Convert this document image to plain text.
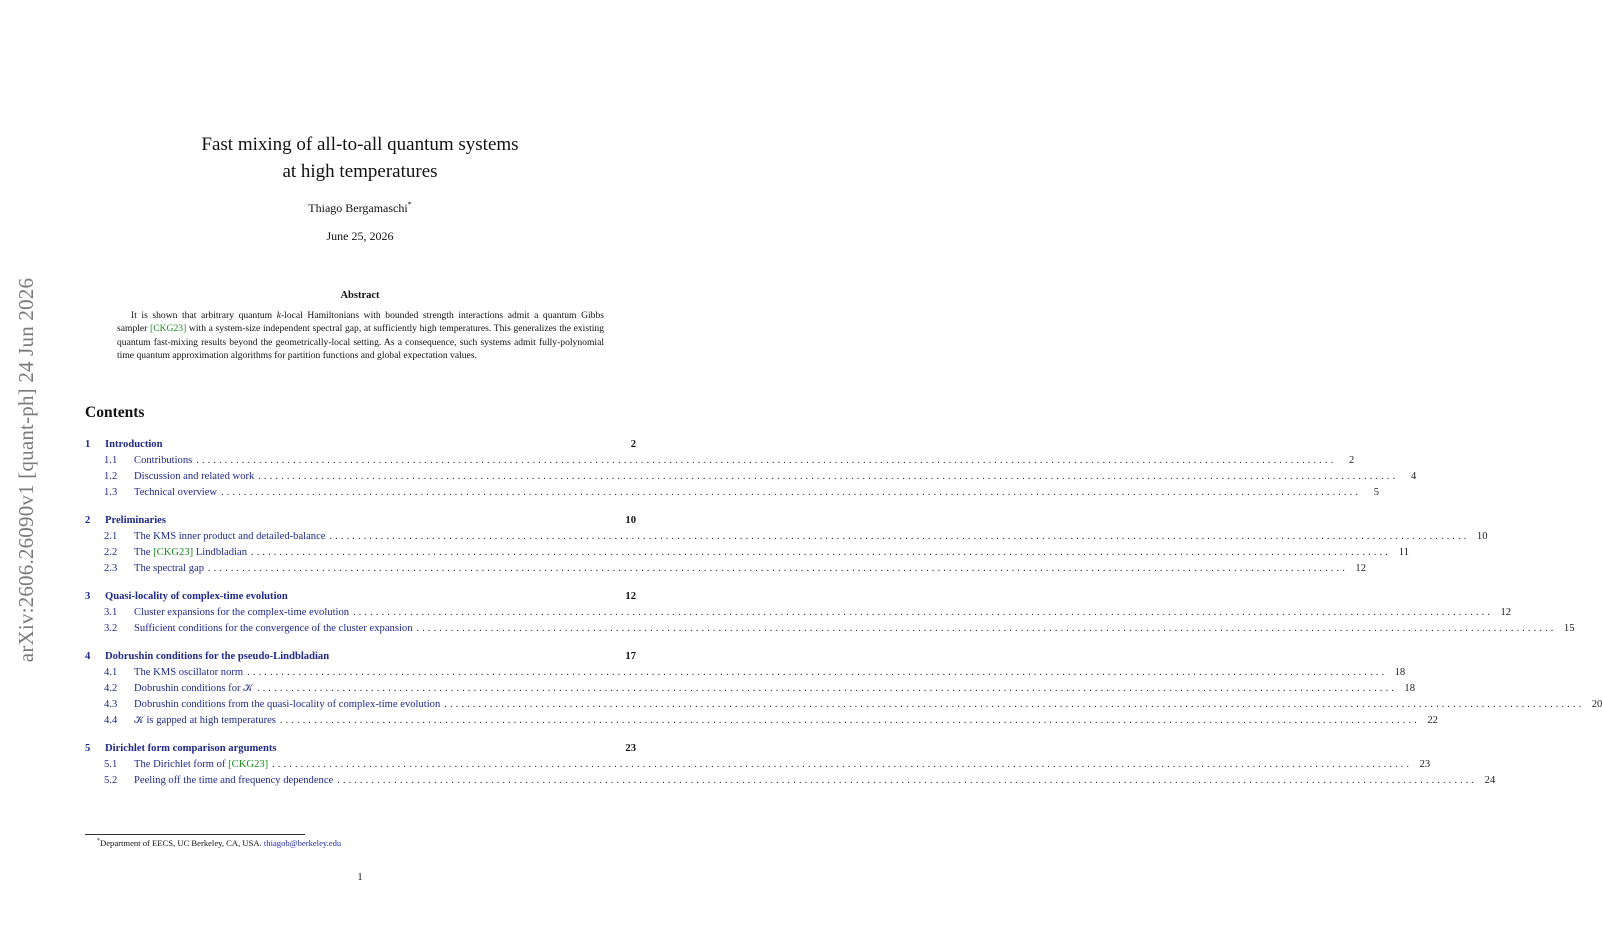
arXiv:2606.26090v1 [quant-ph] 24 Jun 2026
Fast mixing of all-to-all quantum systems
at high temperatures
Thiago Bergamaschi*
June 25, 2026
Abstract
It is shown that arbitrary quantum k-local Hamiltonians with bounded strength interactions admit a quantum Gibbs sampler [CKG23] with a system-size independent spectral gap, at sufficiently high temperatures. This generalizes the existing quantum fast-mixing results beyond the geometrically-local setting. As a consequence, such systems admit fully-polynomial time quantum approximation algorithms for partition functions and global expectation values.
Contents
1	Introduction	2
1.1	Contributions ........................................................................................................................................................................................................	2
1.2	Discussion and related work ........................................................................................................................................................................................................	4
1.3	Technical overview ........................................................................................................................................................................................................	5
2	Preliminaries	10
2.1	The KMS inner product and detailed-balance ........................................................................................................................................................................................................ 10
2.2	The [CKG23] Lindbladian ........................................................................................................................................................................................................ 11
2.3	The spectral gap ........................................................................................................................................................................................................ 12
3	Quasi-locality of complex-time evolution	12
3.1	Cluster expansions for the complex-time evolution ........................................................................................................................................................................................................ 12
3.2	Sufficient conditions for the convergence of the cluster expansion ........................................................................................................................................................................................................ 15
4	Dobrushin conditions for the pseudo-Lindbladian	17
4.1	The KMS oscillator norm ........................................................................................................................................................................................................ 18
4.2	Dobrushin conditions for 𝒦 ........................................................................................................................................................................................................ 18
4.3	Dobrushin conditions from the quasi-locality of complex-time evolution ........................................................................................................................................................................................................ 20
4.4	𝒦 is gapped at high temperatures ........................................................................................................................................................................................................ 22
5	Dirichlet form comparison arguments	23
5.1	The Dirichlet form of [CKG23] ........................................................................................................................................................................................................ 23
5.2	Peeling off the time and frequency dependence ........................................................................................................................................................................................................ 24
*Department of EECS, UC Berkeley, CA, USA. thiagob@berkeley.edu
1
